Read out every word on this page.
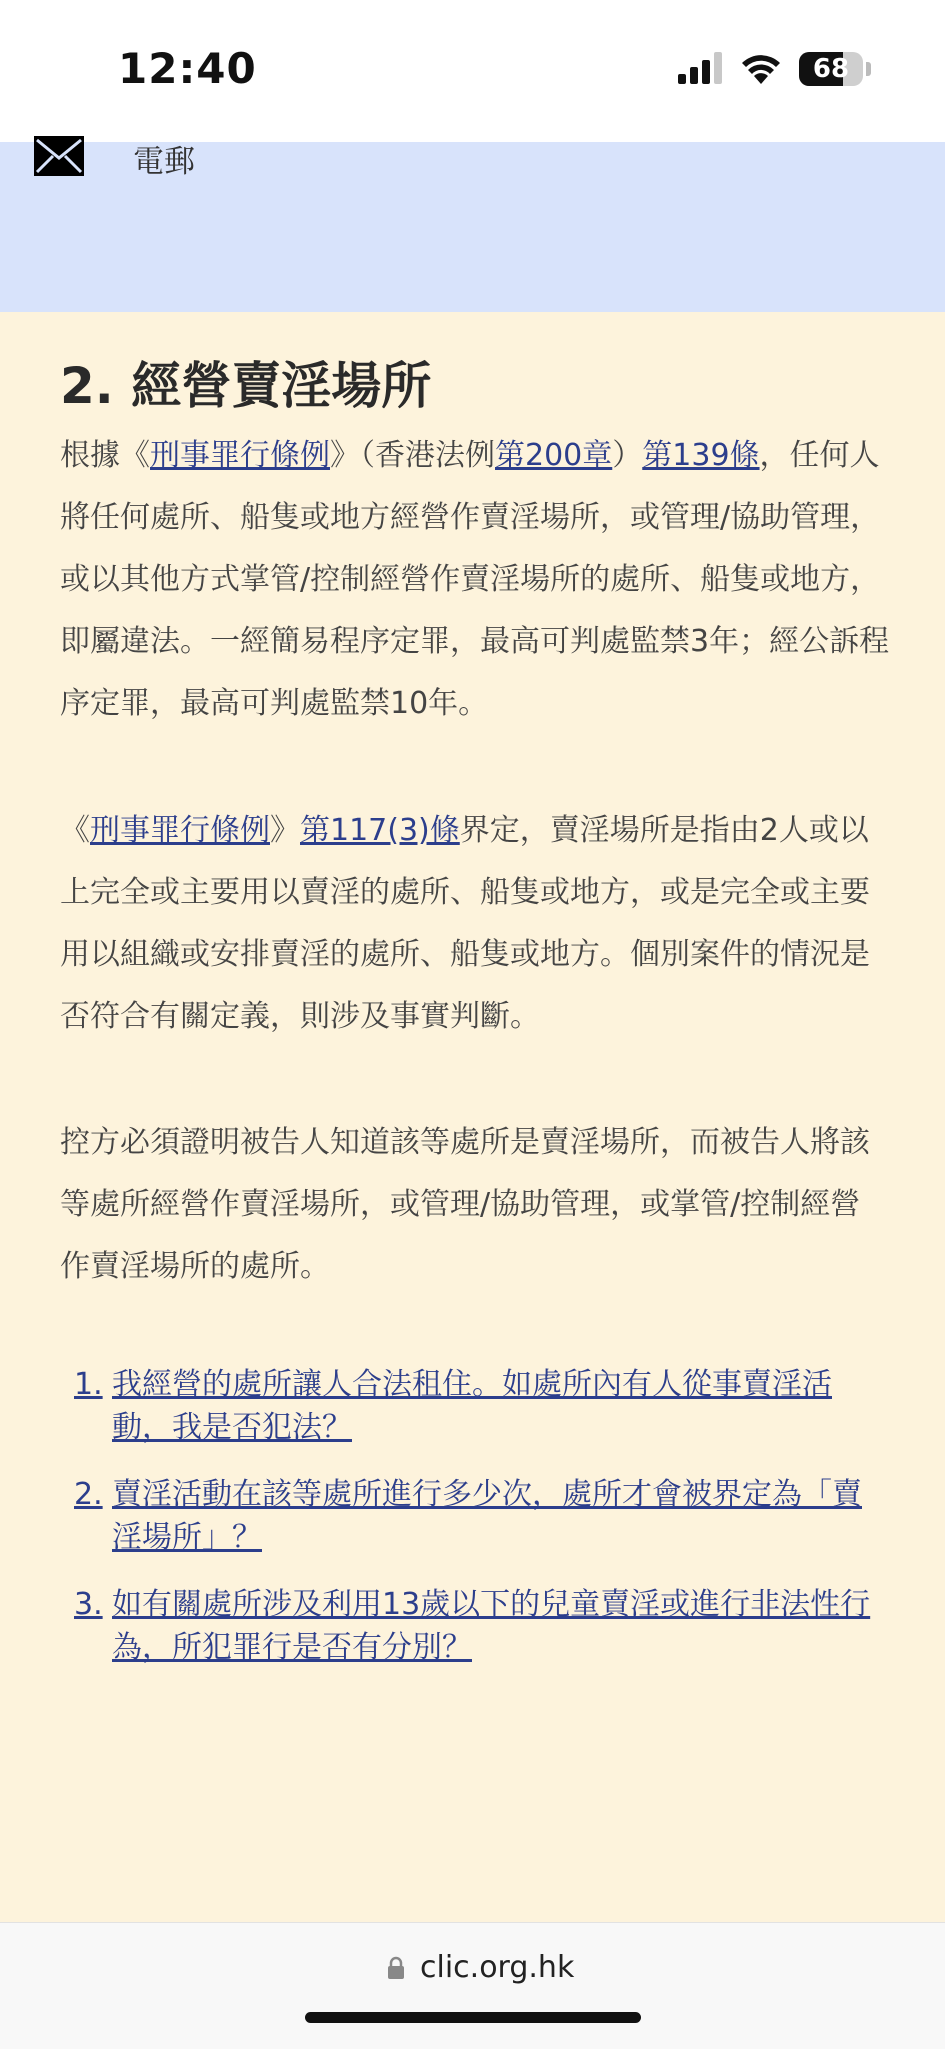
12:40	68
電郵
2. 經營賣淫場所

根據《刑事罪行條例》（香港法例第200章）第139條，任何人將任何處所、船隻或地方經營作賣淫場所，或管理/協助管理，或以其他方式掌管/控制經營作賣淫場所的處所、船隻或地方，即屬違法。一經簡易程序定罪，最高可判處監禁3年；經公訴程序定罪，最高可判處監禁10年。

《刑事罪行條例》第117(3)條界定，賣淫場所是指由2人或以上完全或主要用以賣淫的處所、船隻或地方，或是完全或主要用以組織或安排賣淫的處所、船隻或地方。個別案件的情況是否符合有關定義，則涉及事實判斷。

控方必須證明被告人知道該等處所是賣淫場所，而被告人將該等處所經營作賣淫場所，或管理/協助管理，或掌管/控制經營作賣淫場所的處所。

1. 我經營的處所讓人合法租住。如處所內有人從事賣淫活動，我是否犯法？
2. 賣淫活動在該等處所進行多少次，處所才會被界定為「賣淫場所」？
3. 如有關處所涉及利用13歲以下的兒童賣淫或進行非法性行為，所犯罪行是否有分別？
clic.org.hk
